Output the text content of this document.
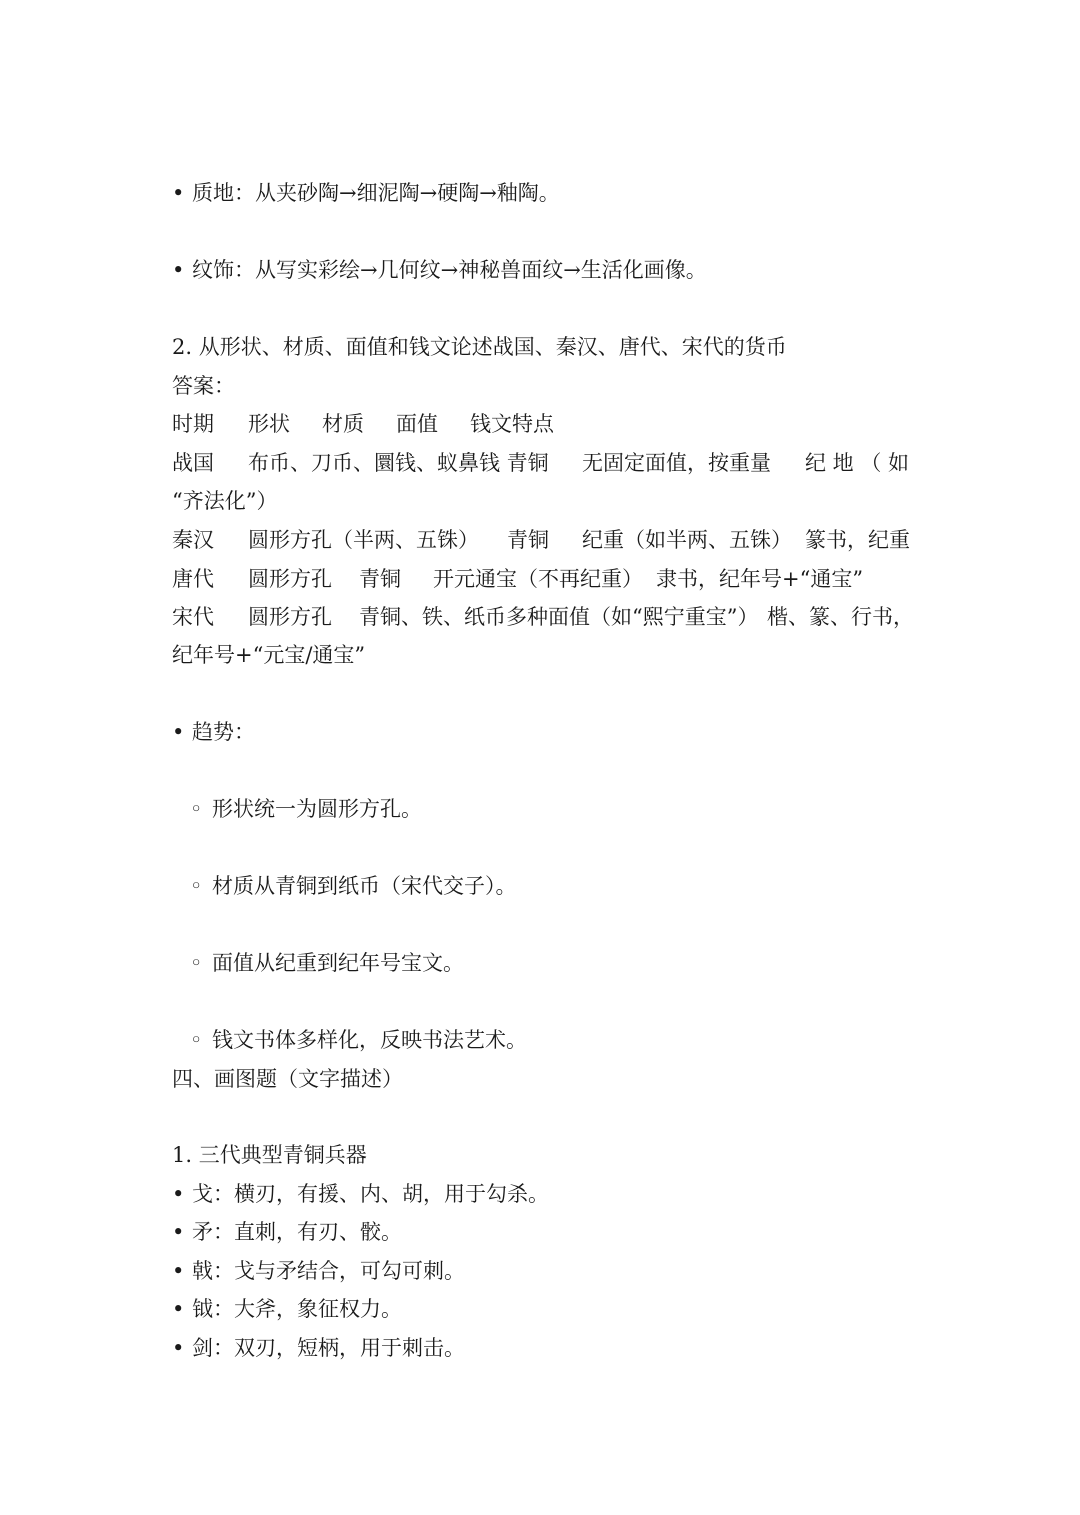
• 质地：从夹砂陶→细泥陶→硬陶→釉陶。
• 纹饰：从写实彩绘→几何纹→神秘兽面纹→生活化画像。
2. 从形状、材质、面值和钱文论述战国、秦汉、唐代、宋代的货币
答案：
时期 形状 材质 面值 钱文特点
战国 布币、刀币、圜钱、蚁鼻钱 青铜 无固定面值，按重量 纪 地 （ 如
“齐法化”）
秦汉 圆形方孔（半两、五铢） 青铜 纪重（如半两、五铢） 篆书，纪重
唐代 圆形方孔 青铜 开元通宝（不再纪重） 隶书，纪年号+“通宝”
宋代 圆形方孔 青铜、铁、纸币多种面值（如“熙宁重宝”） 楷、篆、行书，
纪年号+“元宝/通宝”
• 趋势：
◦ 形状统一为圆形方孔。
◦ 材质从青铜到纸币（宋代交子）。
◦ 面值从纪重到纪年号宝文。
◦ 钱文书体多样化，反映书法艺术。
四、画图题（文字描述）
1. 三代典型青铜兵器
• 戈：横刃，有援、内、胡，用于勾杀。
• 矛：直刺，有刃、骹。
• 戟：戈与矛结合，可勾可刺。
• 钺：大斧，象征权力。
• 剑：双刃，短柄，用于刺击。
